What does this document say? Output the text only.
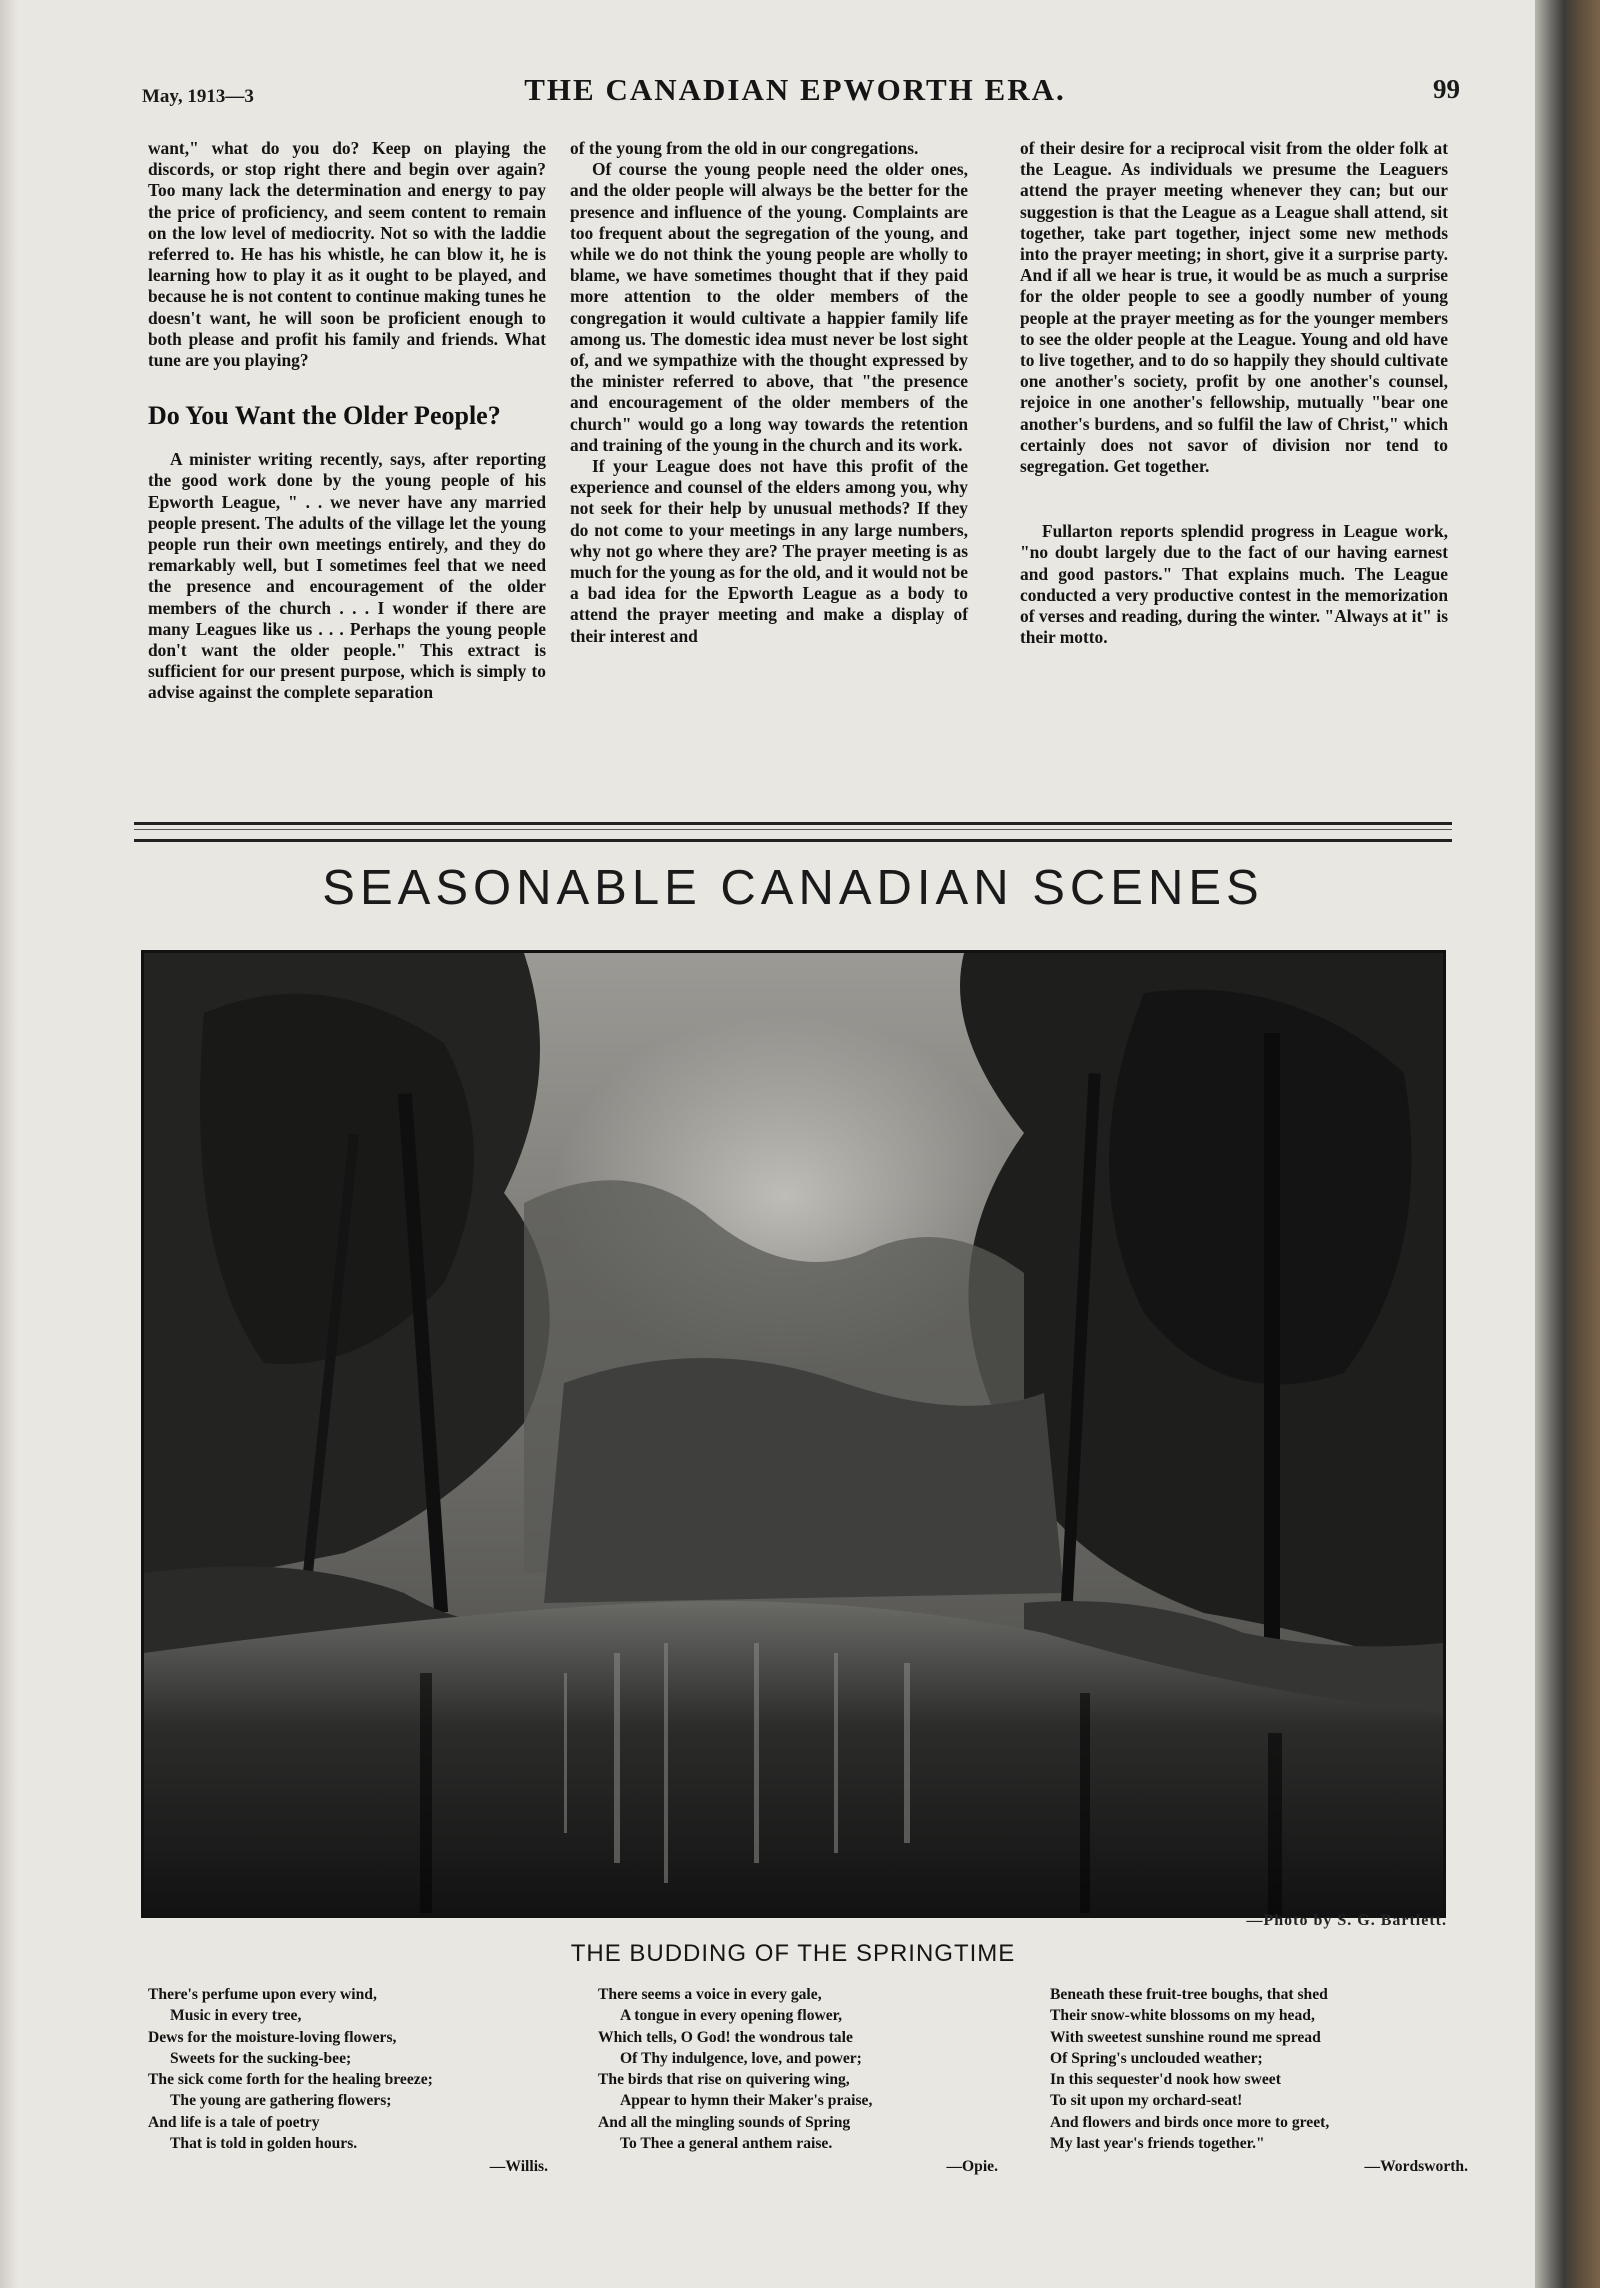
May, 1913—3	THE CANADIAN EPWORTH ERA.	99

want," what do you do? Keep on playing the discords, or stop right there and begin over again? Too many lack the determination and energy to pay the price of proficiency, and seem content to remain on the low level of mediocrity. Not so with the laddie referred to. He has his whistle, he can blow it, he is learning how to play it as it ought to be played, and because he is not content to continue making tunes he doesn't want, he will soon be proficient enough to both please and profit his family and friends. What tune are you playing?

Do You Want the Older People?

A minister writing recently, says, after reporting the good work done by the young people of his Epworth League, " . . we never have any married people present. The adults of the village let the young people run their own meetings entirely, and they do remarkably well, but I sometimes feel that we need the presence and encouragement of the older members of the church . . . I wonder if there are many Leagues like us . . . Perhaps the young people don't want the older people." This extract is sufficient for our present purpose, which is simply to advise against the complete separation

of the young from the old in our congregations.

Of course the young people need the older ones, and the older people will always be the better for the presence and influence of the young. Complaints are too frequent about the segregation of the young, and while we do not think the young people are wholly to blame, we have sometimes thought that if they paid more attention to the older members of the congregation it would cultivate a happier family life among us. The domestic idea must never be lost sight of, and we sympathize with the thought expressed by the minister referred to above, that "the presence and encouragement of the older members of the church" would go a long way towards the retention and training of the young in the church and its work.

If your League does not have this profit of the experience and counsel of the elders among you, why not seek for their help by unusual methods? If they do not come to your meetings in any large numbers, why not go where they are? The prayer meeting is as much for the young as for the old, and it would not be a bad idea for the Epworth League as a body to attend the prayer meeting and make a display of their interest and

of their desire for a reciprocal visit from the older folk at the League. As individuals we presume the Leaguers attend the prayer meeting whenever they can; but our suggestion is that the League as a League shall attend, sit together, take part together, inject some new methods into the prayer meeting; in short, give it a surprise party. And if all we hear is true, it would be as much a surprise for the older people to see a goodly number of young people at the prayer meeting as for the younger members to see the older people at the League. Young and old have to live together, and to do so happily they should cultivate one another's society, profit by one another's counsel, rejoice in one another's fellowship, mutually "bear one another's burdens, and so fulfil the law of Christ," which certainly does not savor of division nor tend to segregation. Get together.

Fullarton reports splendid progress in League work, "no doubt largely due to the fact of our having earnest and good pastors." That explains much. The League conducted a very productive contest in the memorization of verses and reading, during the winter. "Always at it" is their motto.

SEASONABLE CANADIAN SCENES
—Photo by S. G. Bartlett.
THE BUDDING OF THE SPRINGTIME
There's perfume upon every wind,
Music in every tree,
Dews for the moisture-loving flowers,
Sweets for the sucking-bee;
The sick come forth for the healing breeze;
The young are gathering flowers;
And life is a tale of poetry
That is told in golden hours.
—Willis.
There seems a voice in every gale,
A tongue in every opening flower,
Which tells, O God! the wondrous tale
Of Thy indulgence, love, and power;
The birds that rise on quivering wing,
Appear to hymn their Maker's praise,
And all the mingling sounds of Spring
To Thee a general anthem raise.
—Opie.
Beneath these fruit-tree boughs, that shed
Their snow-white blossoms on my head,
With sweetest sunshine round me spread
Of Spring's unclouded weather;
In this sequester'd nook how sweet
To sit upon my orchard-seat!
And flowers and birds once more to greet,
My last year's friends together."
—Wordsworth.
